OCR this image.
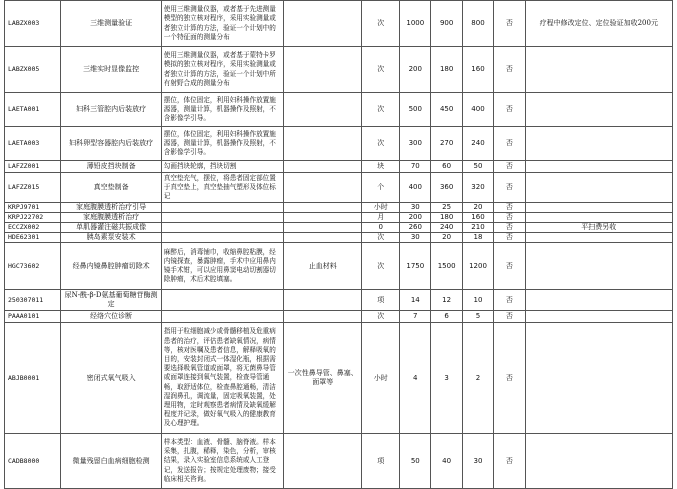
LABZX003	三维测量验证	使用三维测量仪器，或者基于先进测量模型的独立核对程序，采用实验测量或者独立计算的方法，验证一个计划中的一个特征面的测量分布		次	1000	900	800	否	疗程中修改定位、定位验证加收200元
LABZX005	三维实时显像监控	使用三维测量仪器，或者基于蒙特卡罗模拟的独立核对程序，采用实验测量或者独立计算的方法，验证一个计划中所有射野合成的测量分布		次	200	180	160	否	
LAETA001	妇科三管腔内后装放疗	摆位，体位固定，利用妇科操作放置施源器，测量计算，机器操作及照射，不含影像学引导。		次	500	450	400	否	
LAETA003	妇科卵型容器腔内后装放疗	摆位，体位固定，利用妇科操作放置施源器，测量计算，机器操作及照射，不含影像学引导。		次	300	270	240	否	
LAFZZ001	薄铅皮挡块制备	勾画挡块轮廓，挡块切割		块	70	60	50	否	
LAFZZ015	真空垫制备	真空垫充气，摆位，将患者固定部位置于真空垫上，真空垫抽气塑形及体位标记		个	400	360	320	否	
KRPJ9701	家庭腹膜透析治疗引导			小时	30	25	20	否	
KRPJ22702	家庭腹膜透析治疗			月	200	180	160	否	
ECCZX002	单肌器灌注磁共振成像			0	260	240	210	否	平扫费另收
HDE62301	胰岛素泵安装术			次	30	20	18	否	
HGC73602	经鼻内镜鼻腔肿瘤切除术	麻醉后，消毒铺巾，收缩鼻腔粘膜，经内镜探查，暴露肿瘤，手术中应用鼻内镜手术钳，可以应用鼻窦电动切割器切除肿瘤，术后术腔填塞。	止血材料	次	1750	1500	1200	否	
250307011	尿N-酰-β-D氨基葡萄糖苷酶测定			项	14	12	10	否	
PAAA0101	经络穴位诊断			次	7	6	5	否	
ABJB0001	密闭式氧气吸入	指用于粒细胞减少或骨髓移植及危重病患者的治疗，评估患者缺氧情况，病情等，核对医嘱及患者信息，解释吸氧的目的，安装封闭式一体湿化瓶，根据需要选择吸氧管道或面罩，将无菌鼻导管或面罩连接到氧气装置，检查导管通畅，取舒适体位，检查鼻腔通畅，清洁湿润鼻孔，调流量，固定吸氧装置，处理用物，定时观察患者病情及缺氧缓解程度并记录，做好氧气吸入的健康教育及心理护理。	一次性鼻导管、鼻塞、面罩等	小时	4	3	2	否	
CADB8000	微量残留白血病细胞检测	样本类型：血液、骨髓、脑脊液。样本采集，扎腹，稀释，染色，分析，审核结果，录入实验室信息系统或人工登记，发送报告；按规定处理废物；接受临床相关咨询。		项	50	40	30	否	
